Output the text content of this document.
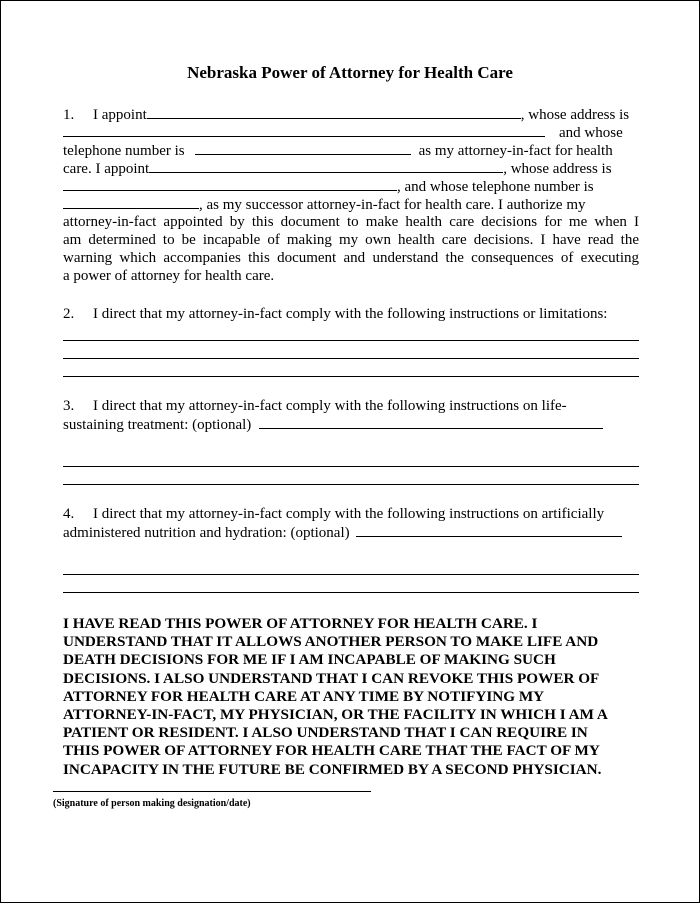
Nebraska Power of Attorney for Health Care
1. I appoint	, whose address is
and whose
telephone number is	as my attorney-in-fact for health
care. I appoint	, whose address is
, and whose telephone number is
, as my successor attorney-in-fact for health care. I authorize my
attorney-in-fact appointed by this document to make health care decisions for me when I
am determined to be incapable of making my own health care decisions. I have read the
warning which accompanies this document and understand the consequences of executing
a power of attorney for health care.
2. I direct that my attorney-in-fact comply with the following instructions or limitations:
3. I direct that my attorney-in-fact comply with the following instructions on life-
sustaining treatment: (optional)
4. I direct that my attorney-in-fact comply with the following instructions on artificially
administered nutrition and hydration: (optional)
I HAVE READ THIS POWER OF ATTORNEY FOR HEALTH CARE. I
UNDERSTAND THAT IT ALLOWS ANOTHER PERSON TO MAKE LIFE AND
DEATH DECISIONS FOR ME IF I AM INCAPABLE OF MAKING SUCH
DECISIONS. I ALSO UNDERSTAND THAT I CAN REVOKE THIS POWER OF
ATTORNEY FOR HEALTH CARE AT ANY TIME BY NOTIFYING MY
ATTORNEY-IN-FACT, MY PHYSICIAN, OR THE FACILITY IN WHICH I AM A
PATIENT OR RESIDENT. I ALSO UNDERSTAND THAT I CAN REQUIRE IN
THIS POWER OF ATTORNEY FOR HEALTH CARE THAT THE FACT OF MY
INCAPACITY IN THE FUTURE BE CONFIRMED BY A SECOND PHYSICIAN.
(Signature of person making designation/date)
